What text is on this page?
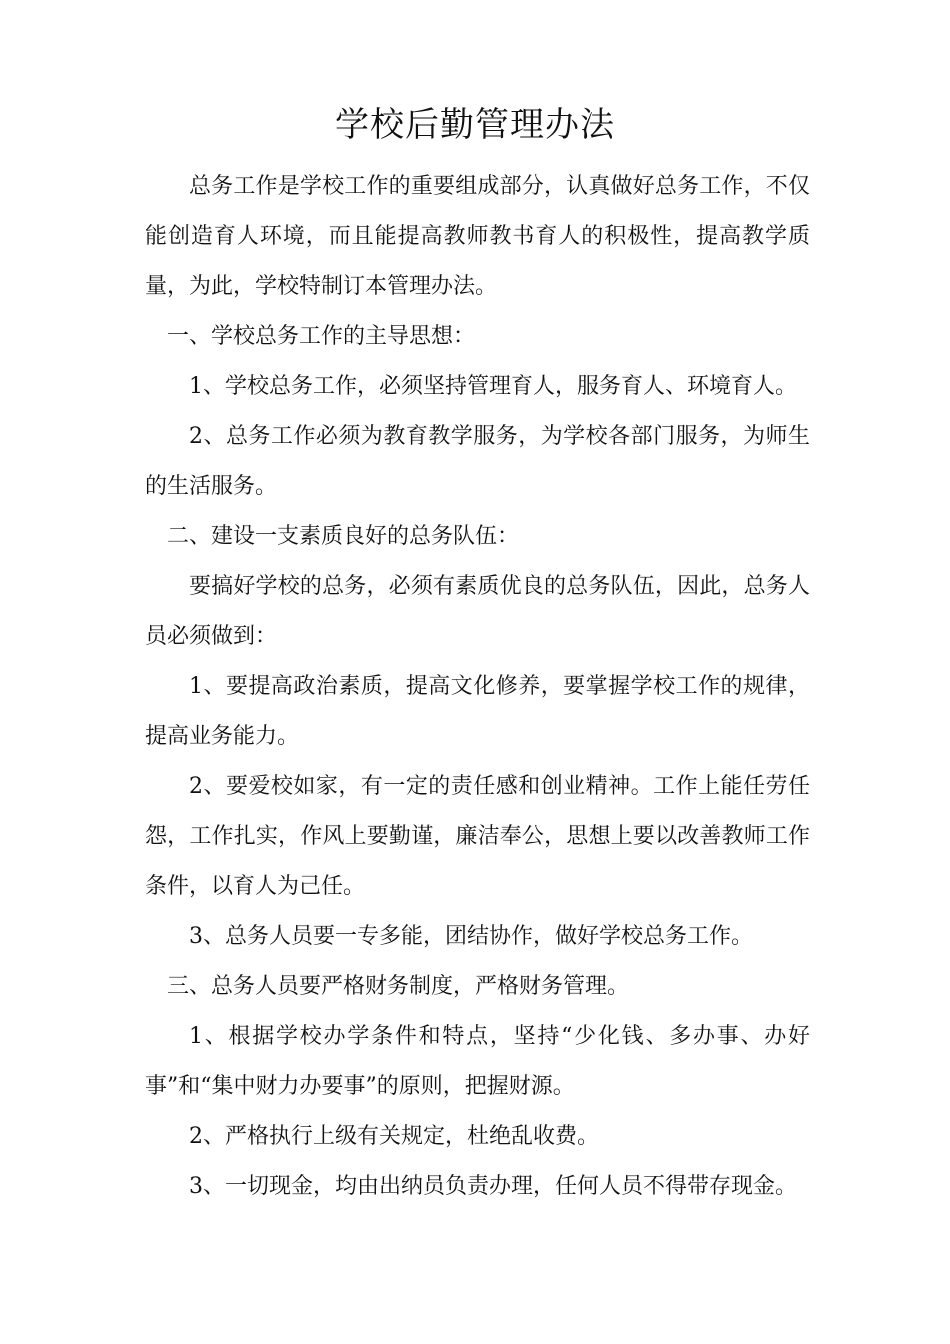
学校后勤管理办法

总务工作是学校工作的重要组成部分，认真做好总务工作，不仅能创造育人环境，而且能提高教师教书育人的积极性，提高教学质量，为此，学校特制订本管理办法。

一、学校总务工作的主导思想：

1、学校总务工作，必须坚持管理育人，服务育人、环境育人。

2、总务工作必须为教育教学服务，为学校各部门服务，为师生的生活服务。

二、建设一支素质良好的总务队伍：

要搞好学校的总务，必须有素质优良的总务队伍，因此，总务人员必须做到：

1、要提高政治素质，提高文化修养，要掌握学校工作的规律，提高业务能力。

2、要爱校如家，有一定的责任感和创业精神。工作上能任劳任怨，工作扎实，作风上要勤谨，廉洁奉公，思想上要以改善教师工作条件，以育人为己任。

3、总务人员要一专多能，团结协作，做好学校总务工作。

三、总务人员要严格财务制度，严格财务管理。

1、根据学校办学条件和特点，坚持“少化钱、多办事、办好事”和“集中财力办要事”的原则，把握财源。

2、严格执行上级有关规定，杜绝乱收费。

3、一切现金，均由出纳员负责办理，任何人员不得带存现金。
